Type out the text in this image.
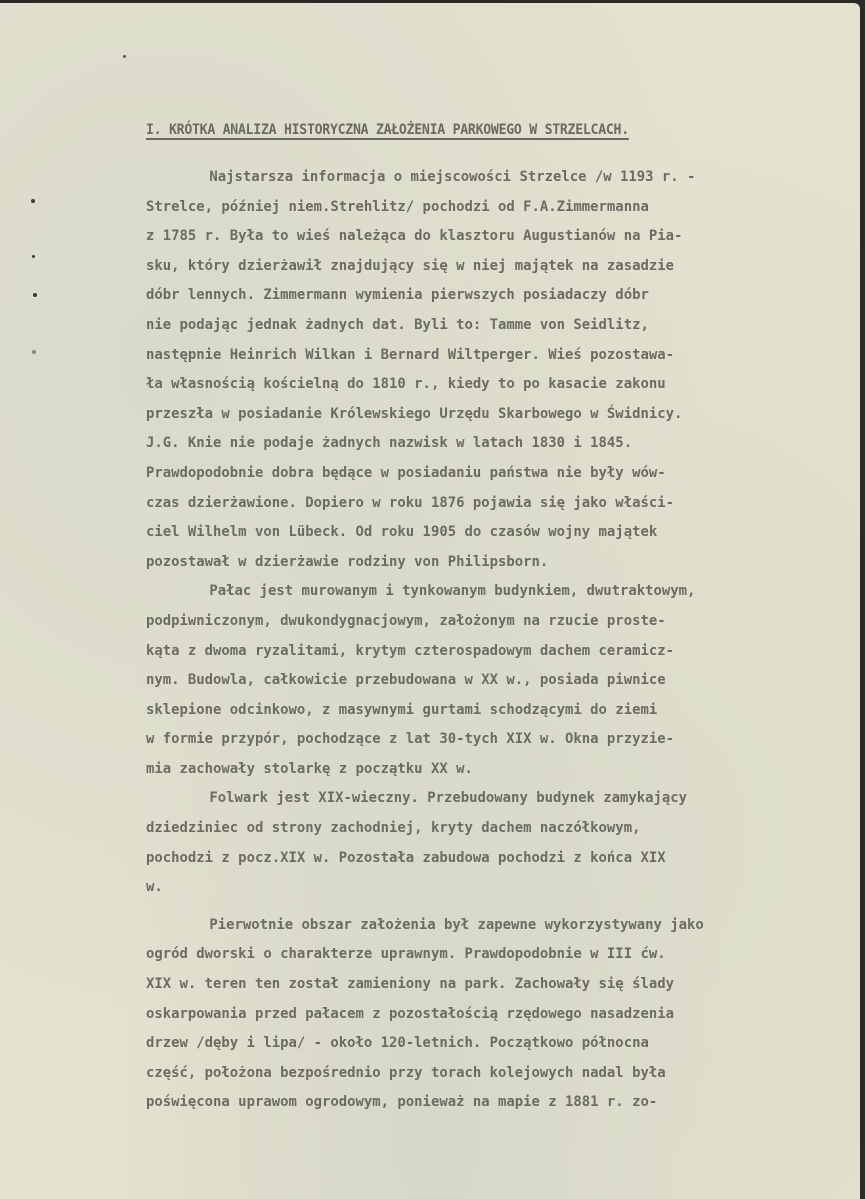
I. KRÓTKA ANALIZA HISTORYCZNA ZAŁOŻENIA PARKOWEGO W STRZELCACH.
Najstarsza informacja o miejscowości Strzelce /w 1193 r. -
Strelce, później niem.Strehlitz/ pochodzi od F.A.Zimmermanna
z 1785 r. Była to wieś należąca do klasztoru Augustianów na Pia-
sku, który dzierżawił znajdujący się w niej majątek na zasadzie
dóbr lennych. Zimmermann wymienia pierwszych posiadaczy dóbr
nie podając jednak żadnych dat. Byli to: Tamme von Seidlitz,
następnie Heinrich Wilkan i Bernard Wiltperger. Wieś pozostawa-
ła własnością kościelną do 1810 r., kiedy to po kasacie zakonu
przeszła w posiadanie Królewskiego Urzędu Skarbowego w Świdnicy.
J.G. Knie nie podaje żadnych nazwisk w latach 1830 i 1845.
Prawdopodobnie dobra będące w posiadaniu państwa nie były wów-
czas dzierżawione. Dopiero w roku 1876 pojawia się jako właści-
ciel Wilhelm von Lübeck. Od roku 1905 do czasów wojny majątek
pozostawał w dzierżawie rodziny von Philipsborn.
Pałac jest murowanym i tynkowanym budynkiem, dwutraktowym,
podpiwniczonym, dwukondygnacjowym, założonym na rzucie proste-
kąta z dwoma ryzalitami, krytym czterospadowym dachem ceramicz-
nym. Budowla, całkowicie przebudowana w XX w., posiada piwnice
sklepione odcinkowo, z masywnymi gurtami schodzącymi do ziemi
w formie przypór, pochodzące z lat 30-tych XIX w. Okna przyzie-
mia zachowały stolarkę z początku XX w.
Folwark jest XIX-wieczny. Przebudowany budynek zamykający
dziedziniec od strony zachodniej, kryty dachem naczółkowym,
pochodzi z pocz.XIX w. Pozostała zabudowa pochodzi z końca XIX
w.
Pierwotnie obszar założenia był zapewne wykorzystywany jako
ogród dworski o charakterze uprawnym. Prawdopodobnie w III ćw.
XIX w. teren ten został zamieniony na park. Zachowały się ślady
oskarpowania przed pałacem z pozostałością rzędowego nasadzenia
drzew /dęby i lipa/ - około 120-letnich. Początkowo północna
część, położona bezpośrednio przy torach kolejowych nadal była
poświęcona uprawom ogrodowym, ponieważ na mapie z 1881 r. zo-
